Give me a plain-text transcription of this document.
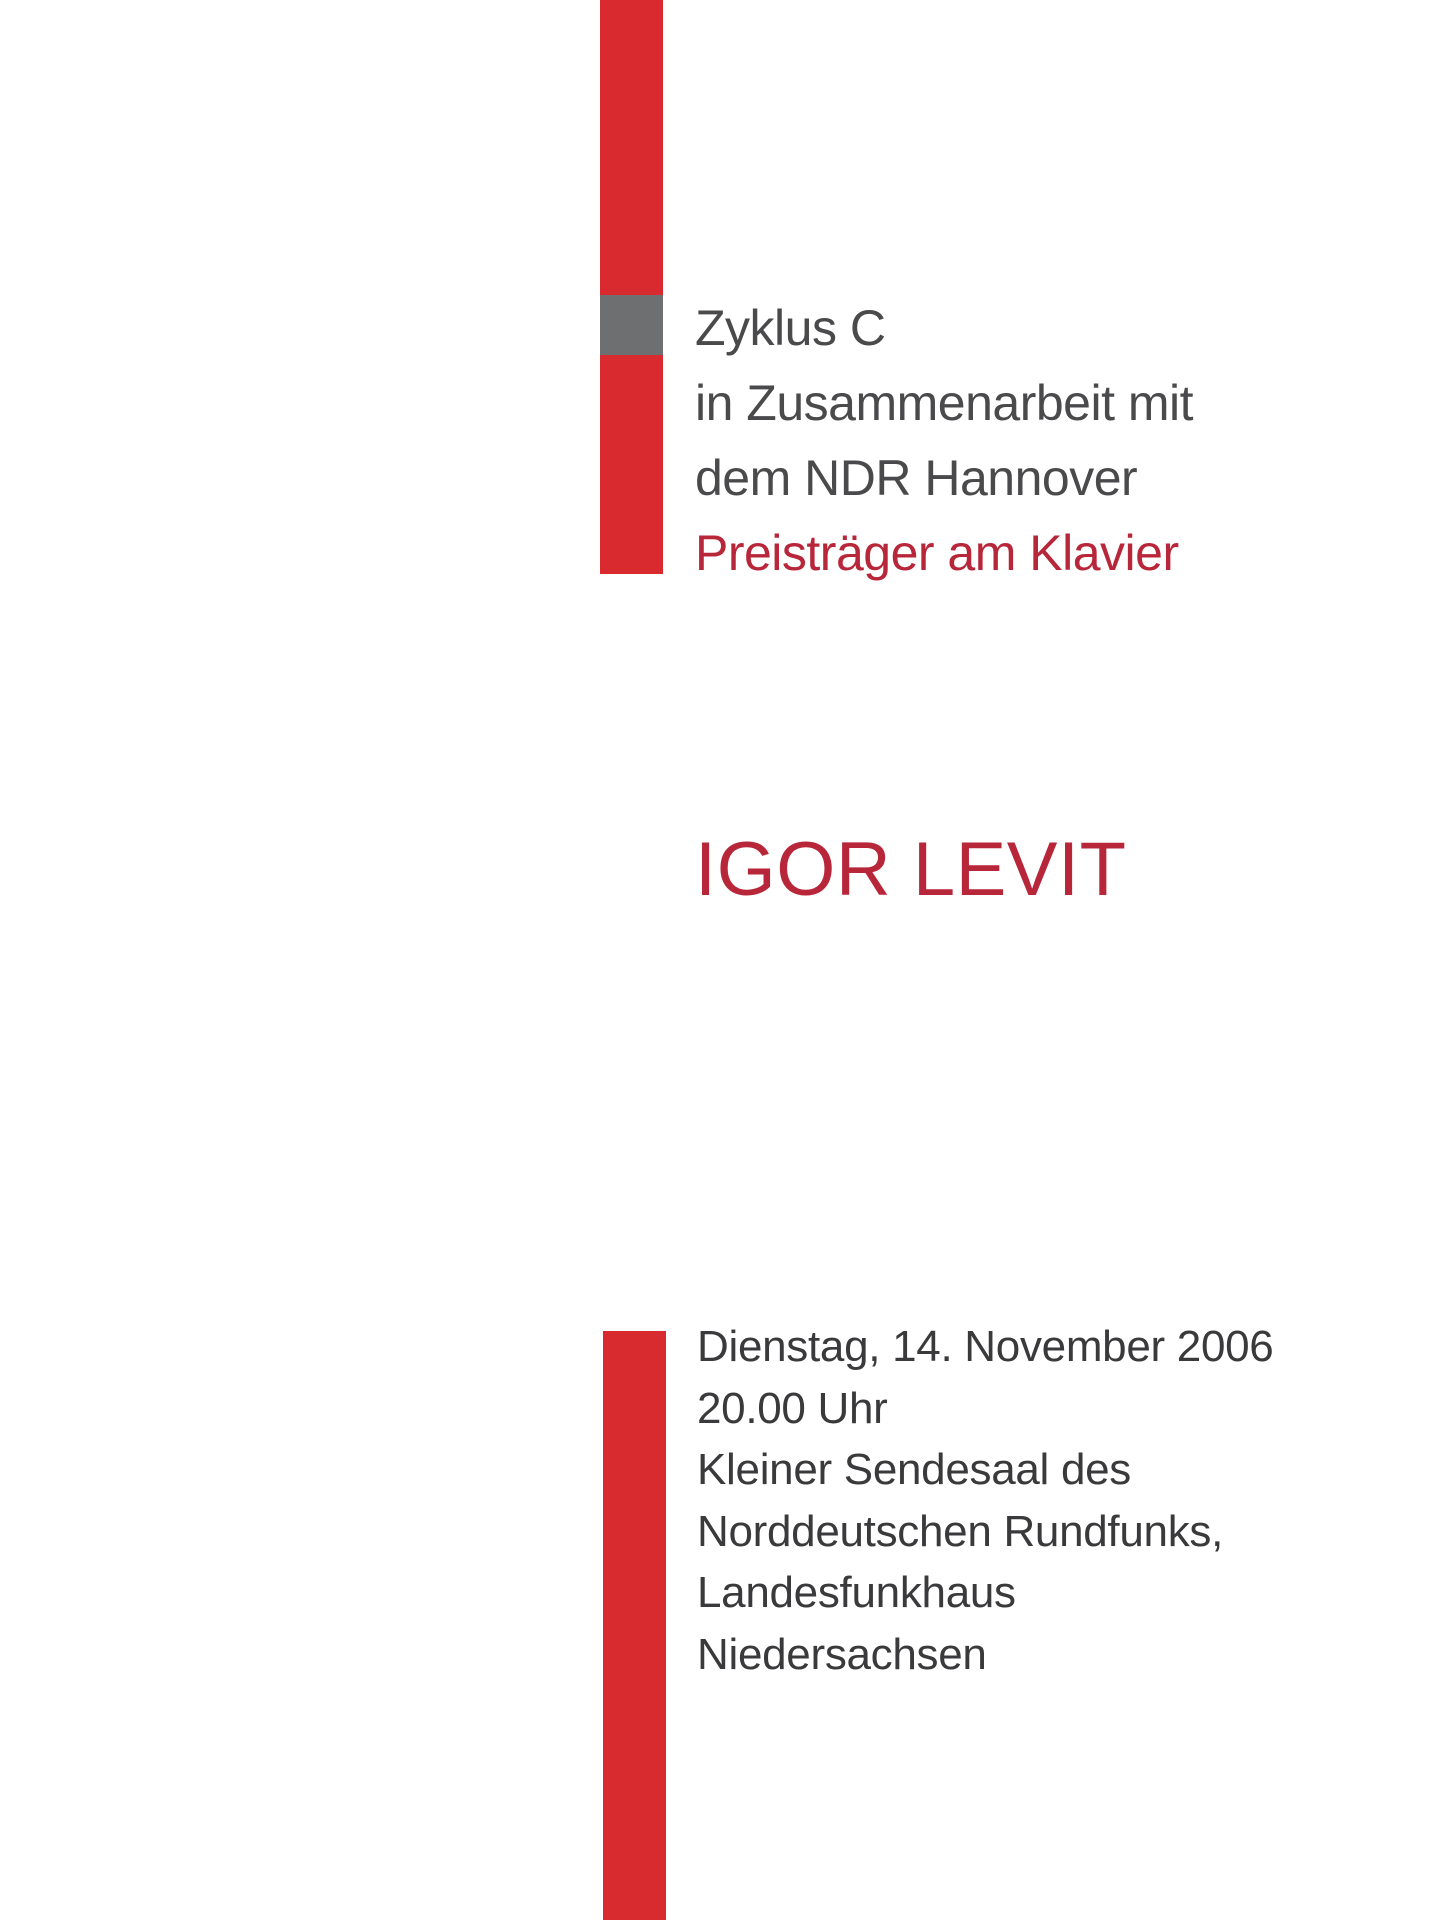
Zyklus C
in Zusammenarbeit mit
dem NDR Hannover
Preisträger am Klavier
IGOR LEVIT
Dienstag, 14. November 2006
20.00 Uhr
Kleiner Sendesaal des
Norddeutschen Rundfunks,
Landesfunkhaus
Niedersachsen
